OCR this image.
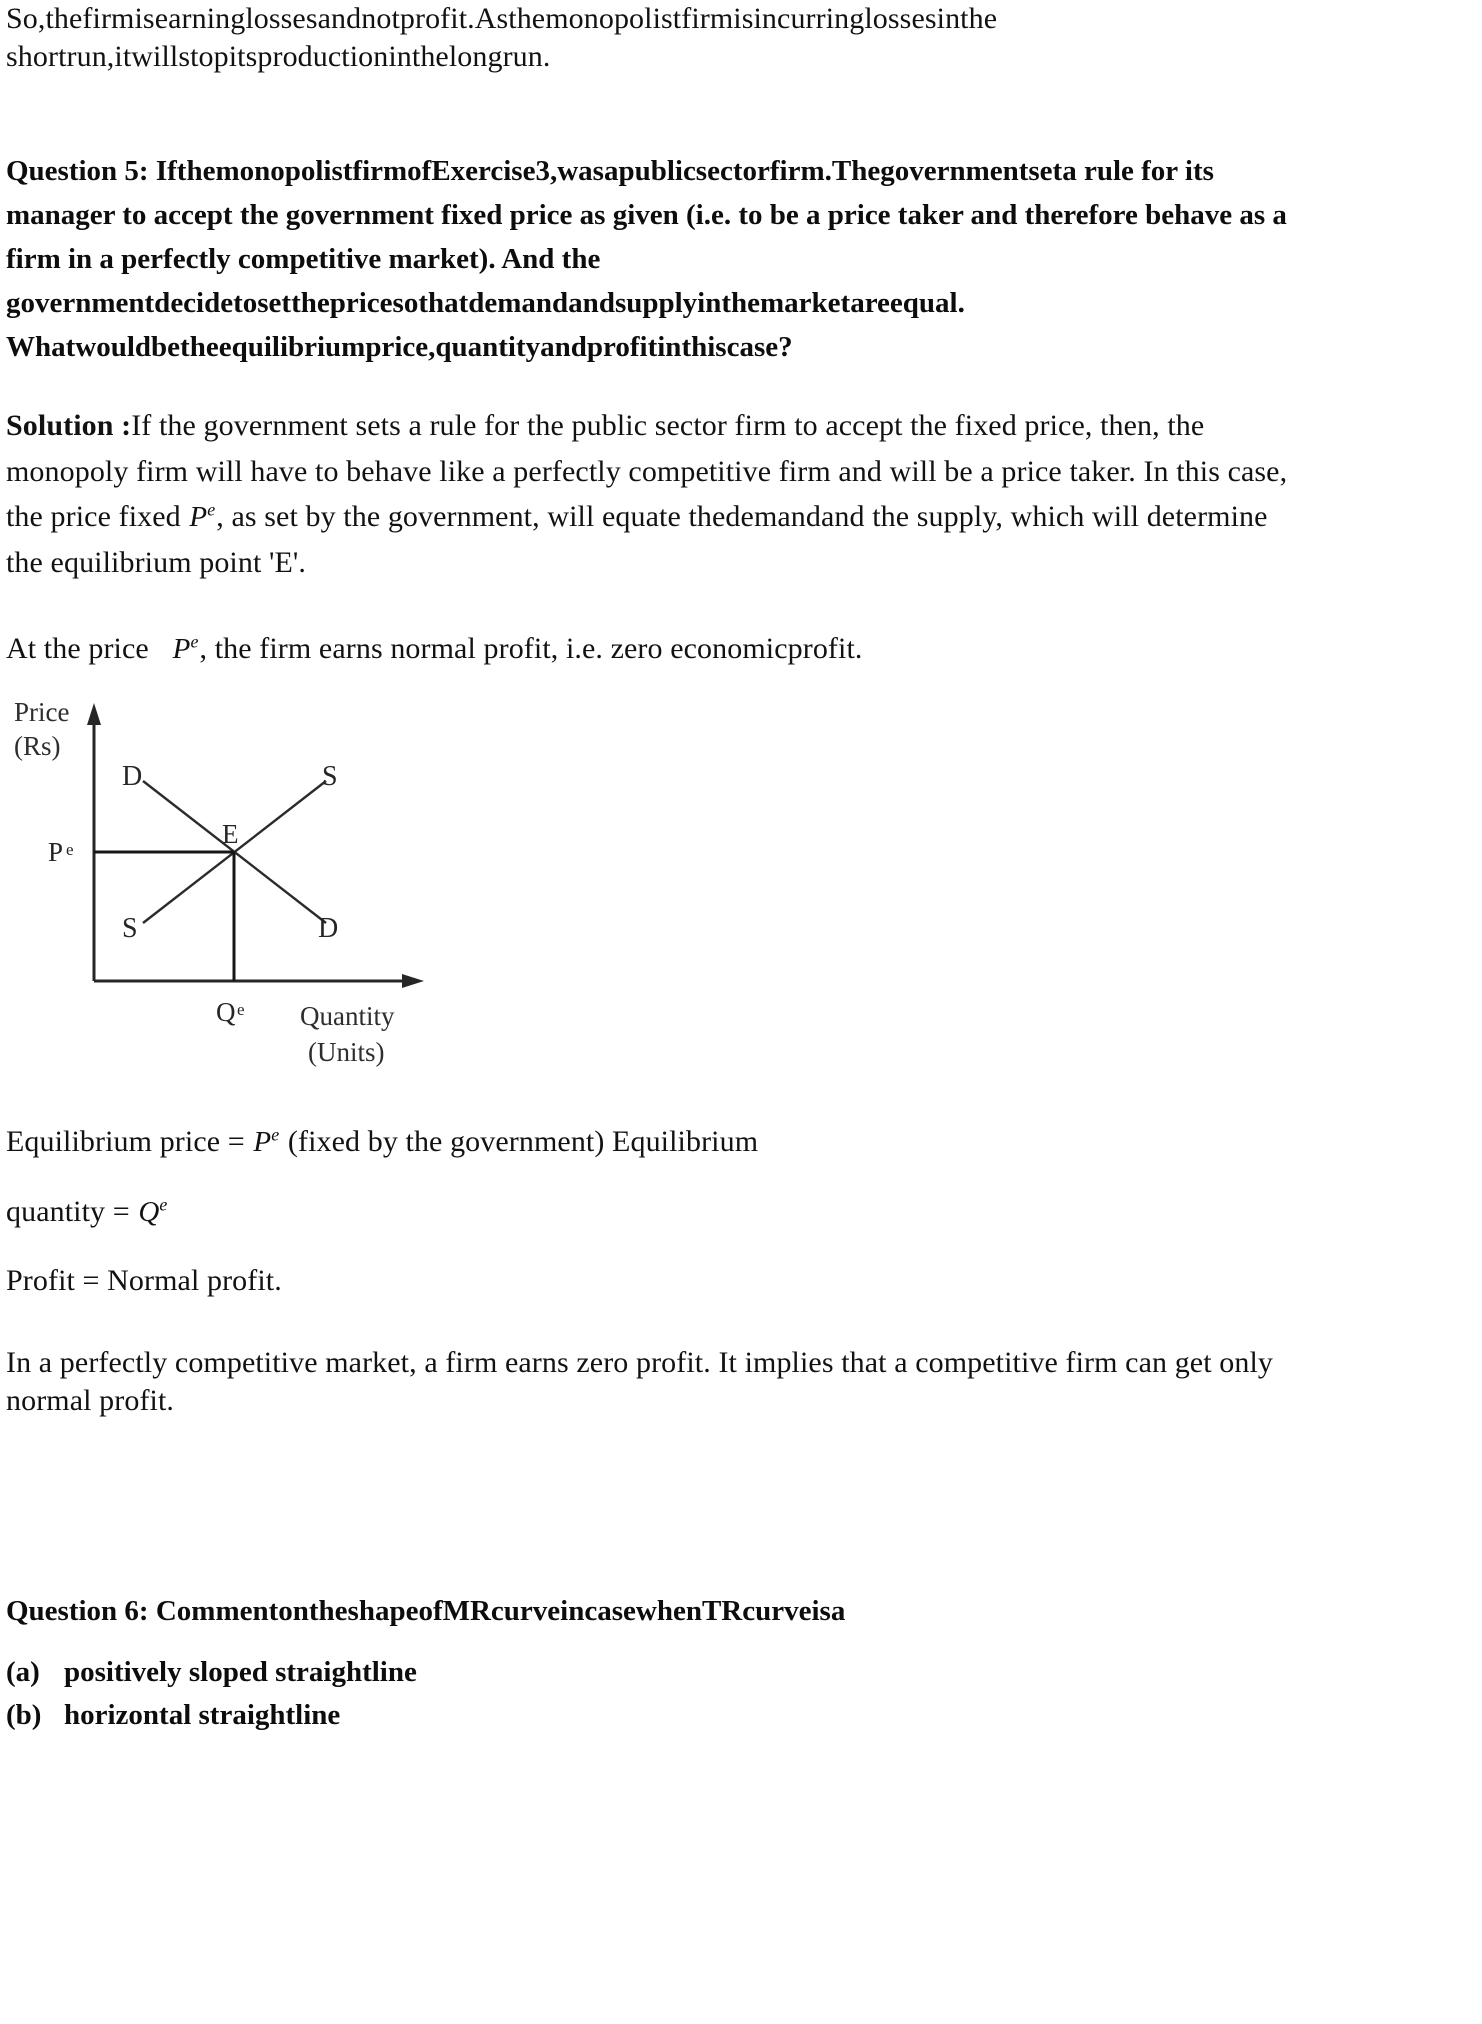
So,thefirmisearninglossesandnotprofit.Asthemonopolistfirmisincurringlossesinthe
shortrun,itwillstopitsproductioninthelongrun.

Question 5: IfthemonopolistfirmofExercise3,wasapublicsectorfirm.Thegovernmentseta rule for its

manager to accept the government fixed price as given (i.e. to be a price taker and therefore behave as a

firm in a perfectly competitive market). And the

governmentdecidetosetthepricesothatdemandandsupplyinthemarketareequal.

Whatwouldbetheequilibriumprice,quantityandprofitinthiscase?

Solution :If the government sets a rule for the public sector firm to accept the fixed price, then, the
monopoly firm will have to behave like a perfectly competitive firm and will be a price taker. In this case,
the price fixed $P^e$, as set by the government, will equate thedemandand the supply, which will determine
the equilibrium point 'E'.

At the price $P^e$, the firm earns normal profit, i.e. zero economicprofit.

Price
(Rs)
Quantity
(Units)
D	S
S	D
E
P e
Q e

Equilibrium price = $P^e$ (fixed by the government) Equilibrium

quantity = $Q^e$

Profit = Normal profit.

In a perfectly competitive market, a firm earns zero profit. It implies that a competitive firm can get only
normal profit.

Question 6: CommentontheshapeofMRcurveincasewhenTRcurveisa

(a) positively sloped straightline
(b) horizontal straightline
